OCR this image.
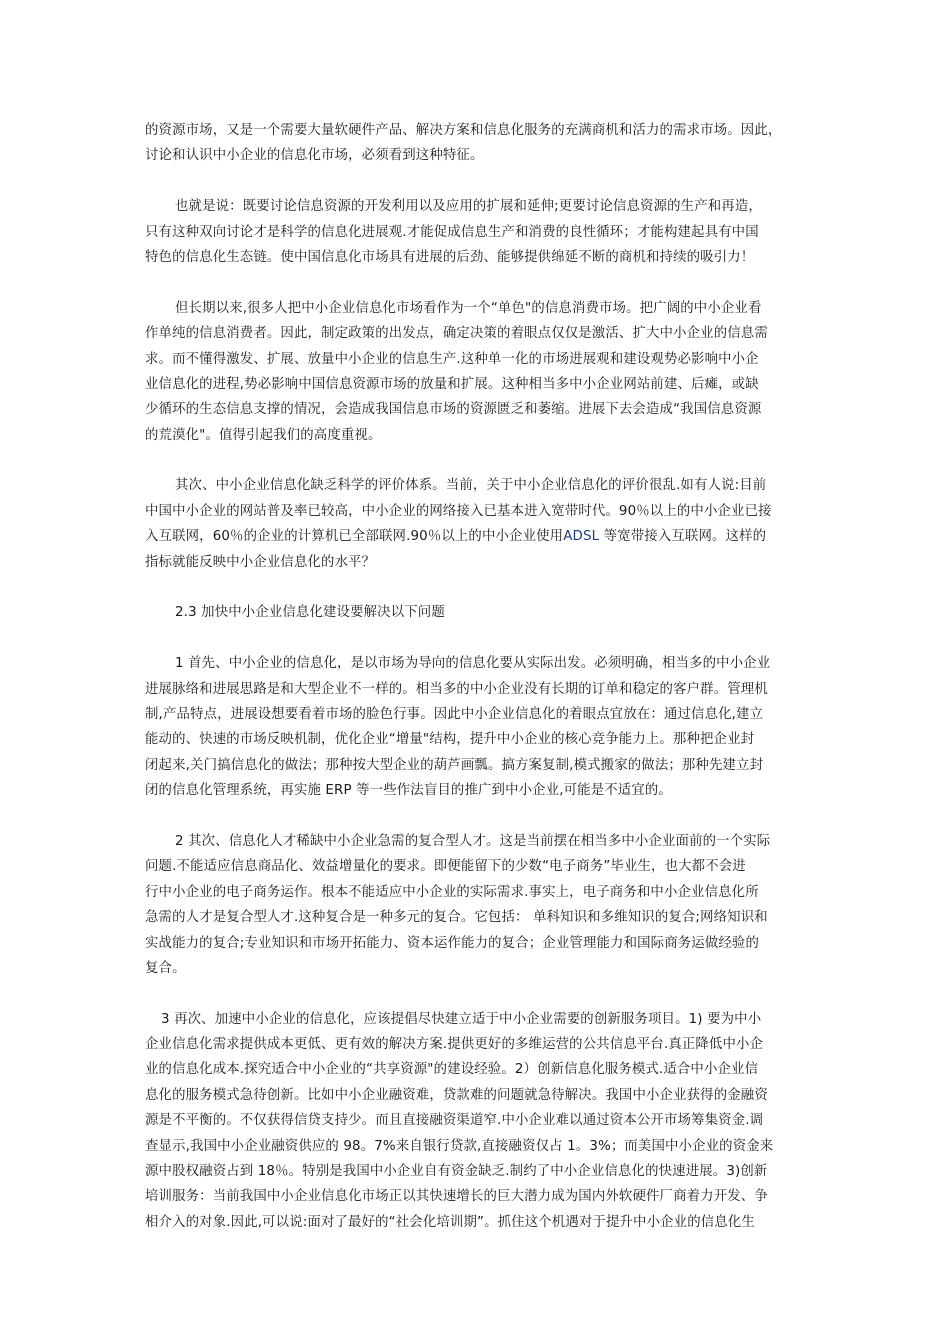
的资源市场，又是一个需要大量软硬件产品、解决方案和信息化服务的充满商机和活力的需求市场。因此，
讨论和认识中小企业的信息化市场，必须看到这种特征。
也就是说：既要讨论信息资源的开发利用以及应用的扩展和延伸;更要讨论信息资源的生产和再造，
只有这种双向讨论才是科学的信息化进展观.才能促成信息生产和消费的良性循环；才能构建起具有中国
特色的信息化生态链。使中国信息化市场具有进展的后劲、能够提供绵延不断的商机和持续的吸引力！
但长期以来,很多人把中小企业信息化市场看作为一个“单色"的信息消费市场。把广阔的中小企业看
作单纯的信息消费者。因此，制定政策的出发点，确定决策的着眼点仅仅是激活、扩大中小企业的信息需
求。而不懂得激发、扩展、放量中小企业的信息生产.这种单一化的市场进展观和建设观势必影响中小企
业信息化的进程,势必影响中国信息资源市场的放量和扩展。这种相当多中小企业网站前建、后瘫，或缺
少循环的生态信息支撑的情况，会造成我国信息市场的资源匮乏和萎缩。进展下去会造成“我国信息资源
的荒漠化"。值得引起我们的高度重视。
其次、中小企业信息化缺乏科学的评价体系。当前，关于中小企业信息化的评价很乱.如有人说:目前
中国中小企业的网站普及率已较高，中小企业的网络接入已基本进入宽带时代。90％以上的中小企业已接
入互联网，60％的企业的计算机已全部联网.90％以上的中小企业使用ADSL 等宽带接入互联网。这样的
指标就能反映中小企业信息化的水平？
2.3 加快中小企业信息化建设要解决以下问题
1 首先、中小企业的信息化，是以市场为导向的信息化要从实际出发。必须明确，相当多的中小企业
进展脉络和进展思路是和大型企业不一样的。相当多的中小企业没有长期的订单和稳定的客户群。管理机
制,产品特点，进展设想要看着市场的脸色行事。因此中小企业信息化的着眼点宜放在：通过信息化,建立
能动的、快速的市场反映机制，优化企业“增量"结构，提升中小企业的核心竞争能力上。那种把企业封
闭起来,关门搞信息化的做法；那种按大型企业的葫芦画瓢。搞方案复制,模式搬家的做法；那种先建立封
闭的信息化管理系统，再实施 ERP 等一些作法盲目的推广到中小企业,可能是不适宜的。
2 其次、信息化人才稀缺中小企业急需的复合型人才。这是当前摆在相当多中小企业面前的一个实际
问题.不能适应信息商品化、效益增量化的要求。即便能留下的少数“电子商务”毕业生，也大都不会进
行中小企业的电子商务运作。根本不能适应中小企业的实际需求.事实上，电子商务和中小企业信息化所
急需的人才是复合型人才.这种复合是一种多元的复合。它包括： 单科知识和多维知识的复合;网络知识和
实战能力的复合;专业知识和市场开拓能力、资本运作能力的复合；企业管理能力和国际商务运做经验的
复合。
3 再次、加速中小企业的信息化，应该提倡尽快建立适于中小企业需要的创新服务项目。1) 要为中小
企业信息化需求提供成本更低、更有效的解决方案.提供更好的多维运营的公共信息平台.真正降低中小企
业的信息化成本.探究适合中小企业的“共享资源"的建设经验。2）创新信息化服务模式.适合中小企业信
息化的服务模式急待创新。比如中小企业融资难，贷款难的问题就急待解决。我国中小企业获得的金融资
源是不平衡的。不仅获得信贷支持少。而且直接融资渠道窄.中小企业难以通过资本公开市场筹集资金.调
查显示,我国中小企业融资供应的 98。7%来自银行贷款,直接融资仅占 1。3%；而美国中小企业的资金来
源中股权融资占到 18％。特别是我国中小企业自有资金缺乏.制约了中小企业信息化的快速进展。3)创新
培训服务：当前我国中小企业信息化市场正以其快速增长的巨大潜力成为国内外软硬件厂商着力开发、争
相介入的对象.因此,可以说:面对了最好的“社会化培训期”。抓住这个机遇对于提升中小企业的信息化生
